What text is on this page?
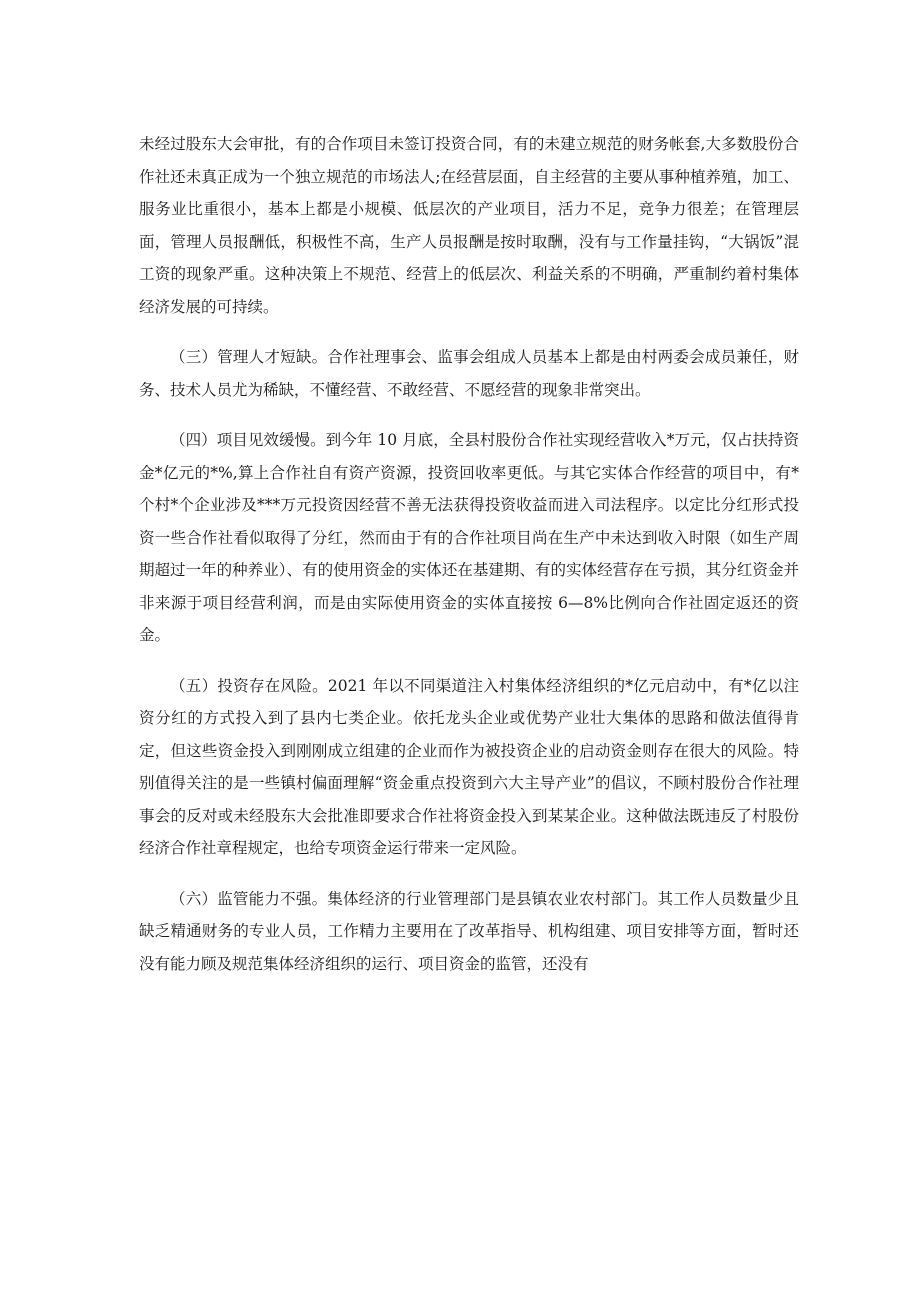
未经过股东大会审批，有的合作项目未签订投资合同，有的未建立规范的财务帐套,大多数股份合作社还未真正成为一个独立规范的市场法人;在经营层面，自主经营的主要从事种植养殖，加工、服务业比重很小，基本上都是小规模、低层次的产业项目，活力不足，竞争力很差；在管理层面，管理人员报酬低，积极性不高，生产人员报酬是按时取酬，没有与工作量挂钩，“大锅饭”混工资的现象严重。这种决策上不规范、经营上的低层次、利益关系的不明确，严重制约着村集体经济发展的可持续。

（三）管理人才短缺。合作社理事会、监事会组成人员基本上都是由村两委会成员兼任，财务、技术人员尤为稀缺，不懂经营、不敢经营、不愿经营的现象非常突出。

（四）项目见效缓慢。到今年 10 月底，全县村股份合作社实现经营收入*万元，仅占扶持资金*亿元的*%,算上合作社自有资产资源，投资回收率更低。与其它实体合作经营的项目中，有*个村*个企业涉及***万元投资因经营不善无法获得投资收益而进入司法程序。以定比分红形式投资一些合作社看似取得了分红，然而由于有的合作社项目尚在生产中未达到收入时限（如生产周期超过一年的种养业）、有的使用资金的实体还在基建期、有的实体经营存在亏损，其分红资金并非来源于项目经营利润，而是由实际使用资金的实体直接按 6—8%比例向合作社固定返还的资金。

（五）投资存在风险。2021 年以不同渠道注入村集体经济组织的*亿元启动中，有*亿以注资分红的方式投入到了县内七类企业。依托龙头企业或优势产业壮大集体的思路和做法值得肯定，但这些资金投入到刚刚成立组建的企业而作为被投资企业的启动资金则存在很大的风险。特别值得关注的是一些镇村偏面理解“资金重点投资到六大主导产业”的倡议，不顾村股份合作社理事会的反对或未经股东大会批准即要求合作社将资金投入到某某企业。这种做法既违反了村股份经济合作社章程规定，也给专项资金运行带来一定风险。

（六）监管能力不强。集体经济的行业管理部门是县镇农业农村部门。其工作人员数量少且缺乏精通财务的专业人员，工作精力主要用在了改革指导、机构组建、项目安排等方面，暂时还没有能力顾及规范集体经济组织的运行、项目资金的监管，还没有
